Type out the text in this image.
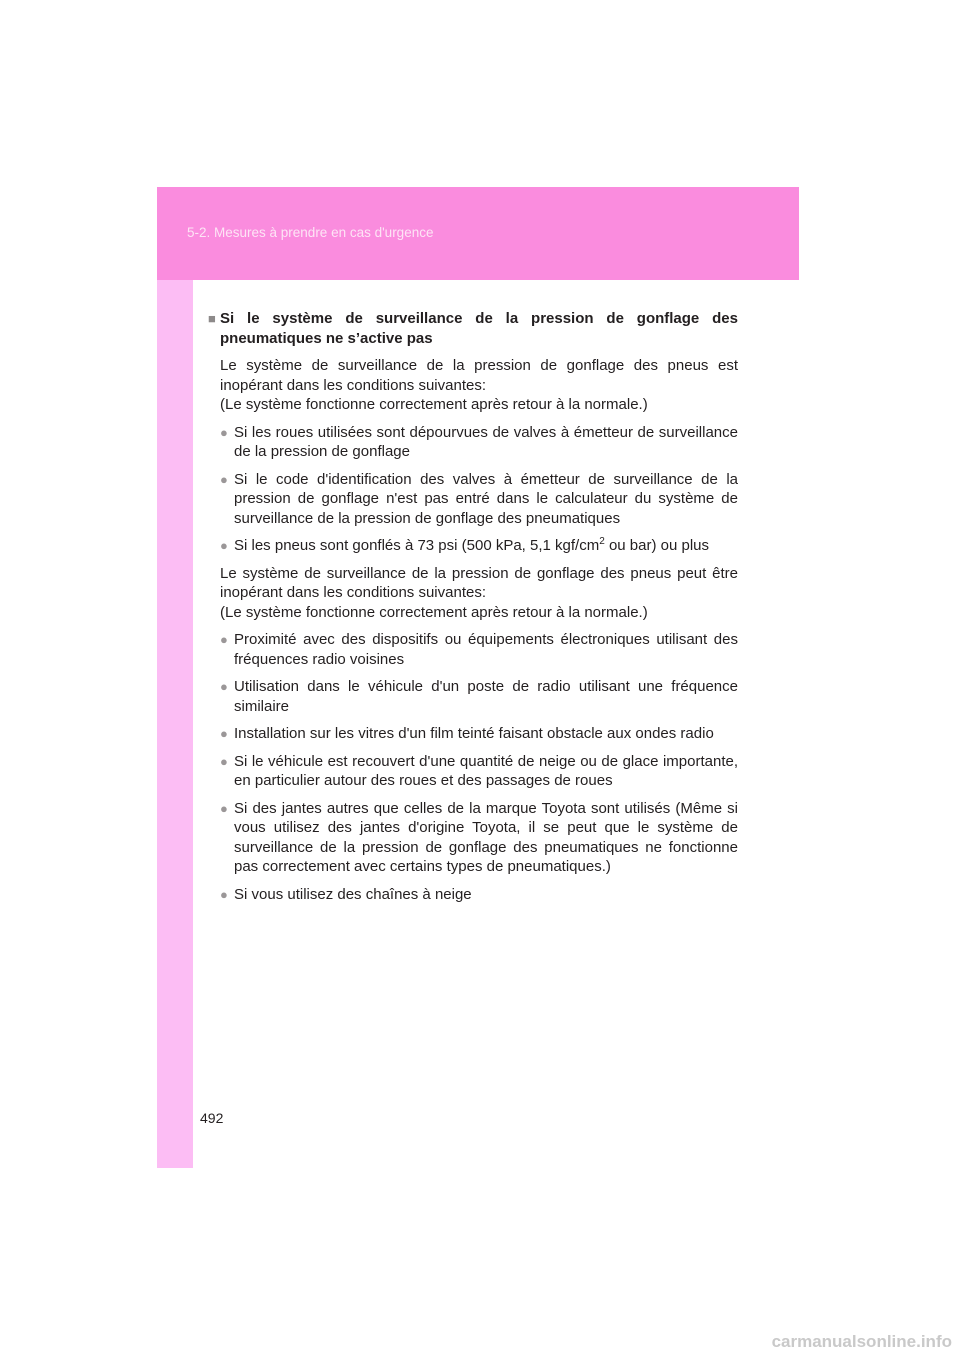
5-2. Mesures à prendre en cas d'urgence
■ Si le système de surveillance de la pression de gonflage des pneumatiques ne s’active pas
Le système de surveillance de la pression de gonflage des pneus est inopérant dans les conditions suivantes:
(Le système fonctionne correctement après retour à la normale.)
● Si les roues utilisées sont dépourvues de valves à émetteur de surveillance de la pression de gonflage
● Si le code d'identification des valves à émetteur de surveillance de la pression de gonflage n'est pas entré dans le calculateur du système de surveillance de la pression de gonflage des pneumatiques
● Si les pneus sont gonflés à 73 psi (500 kPa, 5,1 kgf/$cm^2$ ou bar) ou plus
Le système de surveillance de la pression de gonflage des pneus peut être inopérant dans les conditions suivantes:
(Le système fonctionne correctement après retour à la normale.)
● Proximité avec des dispositifs ou équipements électroniques utilisant des fréquences radio voisines
● Utilisation dans le véhicule d'un poste de radio utilisant une fréquence similaire
● Installation sur les vitres d'un film teinté faisant obstacle aux ondes radio
● Si le véhicule est recouvert d'une quantité de neige ou de glace importante, en particulier autour des roues et des passages de roues
● Si des jantes autres que celles de la marque Toyota sont utilisés (Même si vous utilisez des jantes d'origine Toyota, il se peut que le système de surveillance de la pression de gonflage des pneumatiques ne fonctionne pas correctement avec certains types de pneumatiques.)
● Si vous utilisez des chaînes à neige
492
carmanualsonline.info
